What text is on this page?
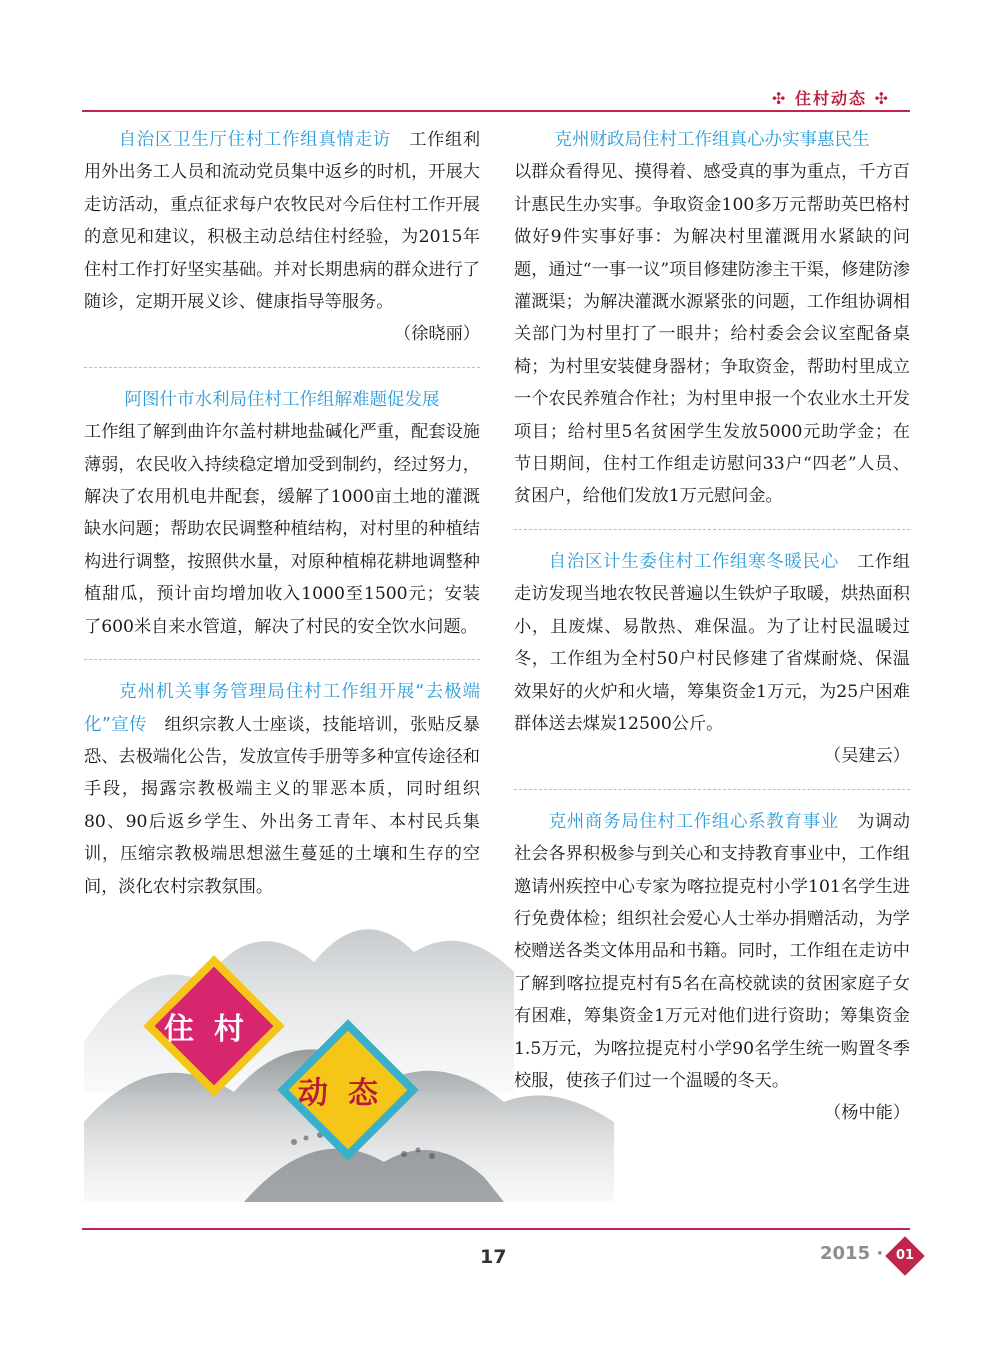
✣ 住村动态 ✣
自治区卫生厅住村工作组真情走访 工作组利用外出务工人员和流动党员集中返乡的时机，开展大走访活动，重点征求每户农牧民对今后住村工作开展的意见和建议，积极主动总结住村经验，为2015年住村工作打好坚实基础。并对长期患病的群众进行了随诊，定期开展义诊、健康指导等服务。
（徐晓丽）
阿图什市水利局住村工作组解难题促发展
工作组了解到曲许尔盖村耕地盐碱化严重，配套设施薄弱，农民收入持续稳定增加受到制约，经过努力，解决了农用机电井配套，缓解了1000亩土地的灌溉缺水问题；帮助农民调整种植结构，对村里的种植结构进行调整，按照供水量，对原种植棉花耕地调整种植甜瓜，预计亩均增加收入1000至1500元；安装了600米自来水管道，解决了村民的安全饮水问题。
克州机关事务管理局住村工作组开展“去极端化”宣传 组织宗教人士座谈，技能培训，张贴反暴恐、去极端化公告，发放宣传手册等多种宣传途径和手段，揭露宗教极端主义的罪恶本质，同时组织80、90后返乡学生、外出务工青年、本村民兵集训，压缩宗教极端思想滋生蔓延的土壤和生存的空间，淡化农村宗教氛围。
克州财政局住村工作组真心办实事惠民生
以群众看得见、摸得着、感受真的事为重点，千方百计惠民生办实事。争取资金100多万元帮助英巴格村做好9件实事好事：为解决村里灌溉用水紧缺的问题，通过“一事一议”项目修建防渗主干渠，修建防渗灌溉渠；为解决灌溉水源紧张的问题，工作组协调相关部门为村里打了一眼井；给村委会会议室配备桌椅；为村里安装健身器材；争取资金，帮助村里成立一个农民养殖合作社；为村里申报一个农业水土开发项目；给村里5名贫困学生发放5000元助学金；在节日期间，住村工作组走访慰问33户“四老”人员、贫困户，给他们发放1万元慰问金。
自治区计生委住村工作组寒冬暖民心 工作组走访发现当地农牧民普遍以生铁炉子取暖，烘热面积小，且废煤、易散热、难保温。为了让村民温暖过冬，工作组为全村50户村民修建了省煤耐烧、保温效果好的火炉和火墙，筹集资金1万元，为25户困难群体送去煤炭12500公斤。
（吴建云）
克州商务局住村工作组心系教育事业 为调动社会各界积极参与到关心和支持教育事业中，工作组邀请州疾控中心专家为喀拉提克村小学101名学生进行免费体检；组织社会爱心人士举办捐赠活动，为学校赠送各类文体用品和书籍。同时，工作组在走访中了解到喀拉提克村有5名在高校就读的贫困家庭子女有困难，筹集资金1万元对他们进行资助；筹集资金1.5万元，为喀拉提克村小学90名学生统一购置冬季校服，使孩子们过一个温暖的冬天。
（杨中能）
住村
动态
17	2015 · 01
